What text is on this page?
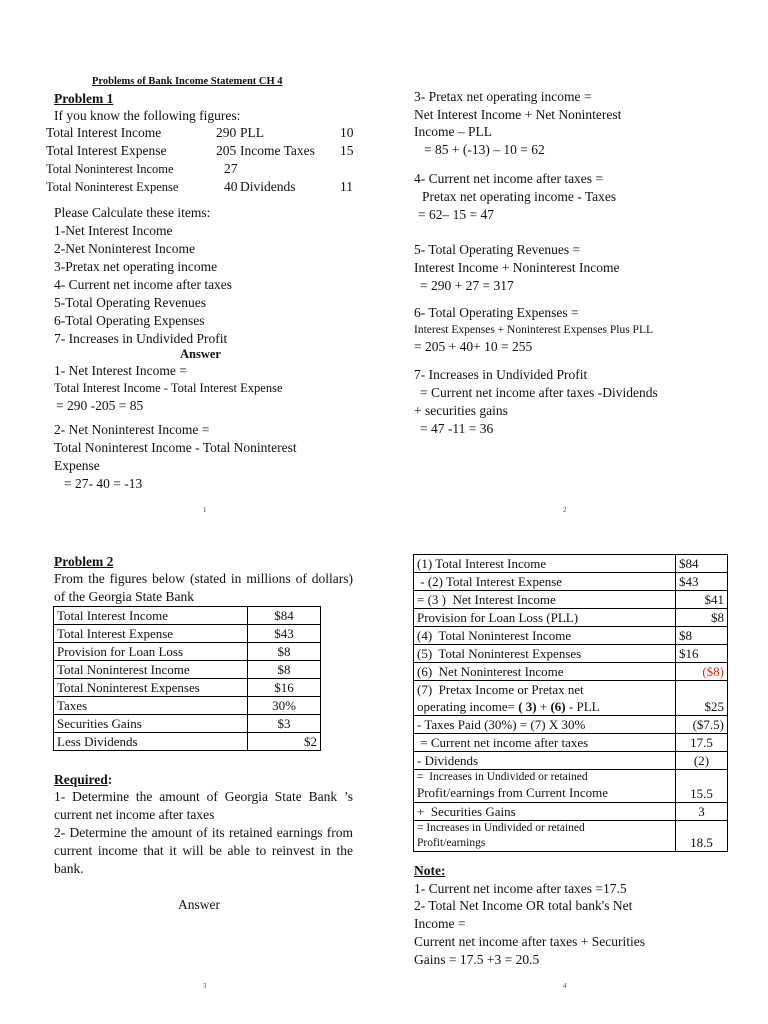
Problems of Bank Income Statement CH 4
Problem 1
If you know the following figures:
Total Interest Income	290 PLL	10
Total Interest Expense	205 Income Taxes 15
Total Noninterest Income	27
Total Noninterest Expense	40 Dividends	11
Please Calculate these items:
1-Net Interest Income
2-Net Noninterest Income
3-Pretax net operating income
4- Current net income after taxes
5-Total Operating Revenues
6-Total Operating Expenses
7- Increases in Undivided Profit
Answer
1- Net Interest Income =
Total Interest Income - Total Interest Expense
= 290 -205 = 85
2- Net Noninterest Income =
Total Noninterest Income - Total Noninterest
Expense
= 27- 40 = -13
1
3- Pretax net operating income =
Net Interest Income + Net Noninterest
Income – PLL
= 85 + (-13) – 10 = 62
4- Current net income after taxes =
Pretax net operating income - Taxes
= 62– 15 = 47
5- Total Operating Revenues =
Interest Income + Noninterest Income
= 290 + 27 = 317
6- Total Operating Expenses =
Interest Expenses + Noninterest Expenses Plus PLL
= 205 + 40+ 10 = 255
7- Increases in Undivided Profit
= Current net income after taxes -Dividends
+ securities gains
= 47 -11 = 36
2
Problem 2
From the figures below (stated in millions of dollars) of the Georgia State Bank
Total Interest Income	$84
Total Interest Expense	$43
Provision for Loan Loss	$8
Total Noninterest Income	$8
Total Noninterest Expenses	$16
Taxes	30%
Securities Gains	$3
Less Dividends	$2
Required:
1- Determine the amount of Georgia State Bank ’s current net income after taxes
2- Determine the amount of its retained earnings from current income that it will be able to reinvest in the bank.
Answer
3
(1) Total Interest Income	$84
- (2) Total Interest Expense	$43
= (3 )  Net Interest Income	$41
Provision for Loan Loss (PLL)	$8
(4)  Total Noninterest Income	$8
(5)  Total Noninterest Expenses	$16
(6)  Net Noninterest Income	($8)
(7)  Pretax Income or Pretax net
operating income= ( 3) + (6) - PLL	$25
- Taxes Paid (30%) = (7) X 30%	($7.5)
= Current net income after taxes	17.5
- Dividends	(2)
=  Increases in Undivided or retained
Profit/earnings from Current Income	15.5
+  Securities Gains	3
= Increases in Undivided or retained
Profit/earnings	18.5
Note:
1- Current net income after taxes =17.5
2- Total Net Income OR total bank's Net
Income =
Current net income after taxes + Securities
Gains = 17.5 +3 = 20.5
4
